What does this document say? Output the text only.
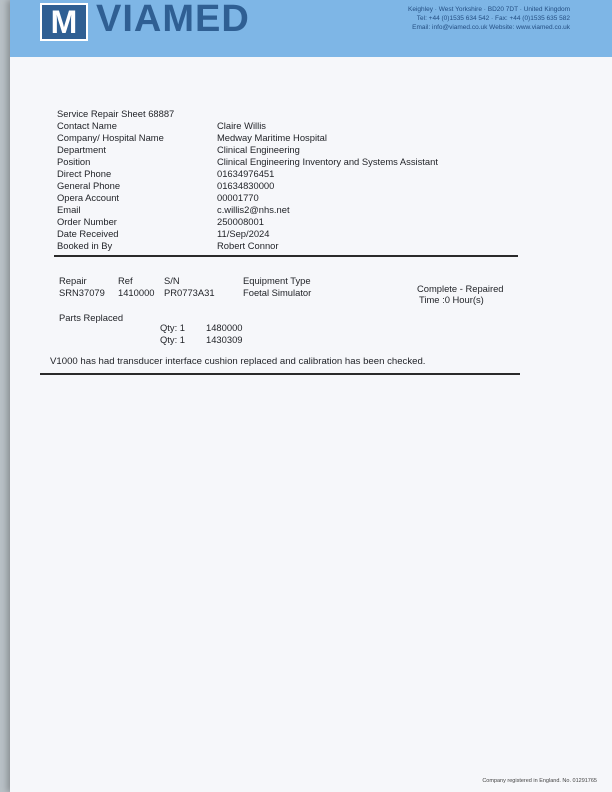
M VIAMED	Keighley · West Yorkshire · BD20 7DT · United Kingdom
Tel: +44 (0)1535 634 542 · Fax: +44 (0)1535 635 582
Email: info@viamed.co.uk Website: www.viamed.co.uk
Service Repair Sheet 68887
Contact Name	Claire Willis
Company/ Hospital Name	Medway Maritime Hospital
Department	Clinical Engineering
Position	Clinical Engineering Inventory and Systems Assistant
Direct Phone	01634976451
General Phone	01634830000
Opera Account	00001770
Email	c.willis2@nhs.net
Order Number	250008001
Date Received	11/Sep/2024
Booked in By	Robert Connor
Repair	Ref	S/N	Equipment Type
SRN37079 1410000 PR0773A31	Foetal Simulator	Complete - Repaired
Time :0 Hour(s)
Parts Replaced
Qty: 1 1480000
Qty: 1 1430309
V1000 has had transducer interface cushion replaced and calibration has been checked.
Company registered in England. No. 01291765
